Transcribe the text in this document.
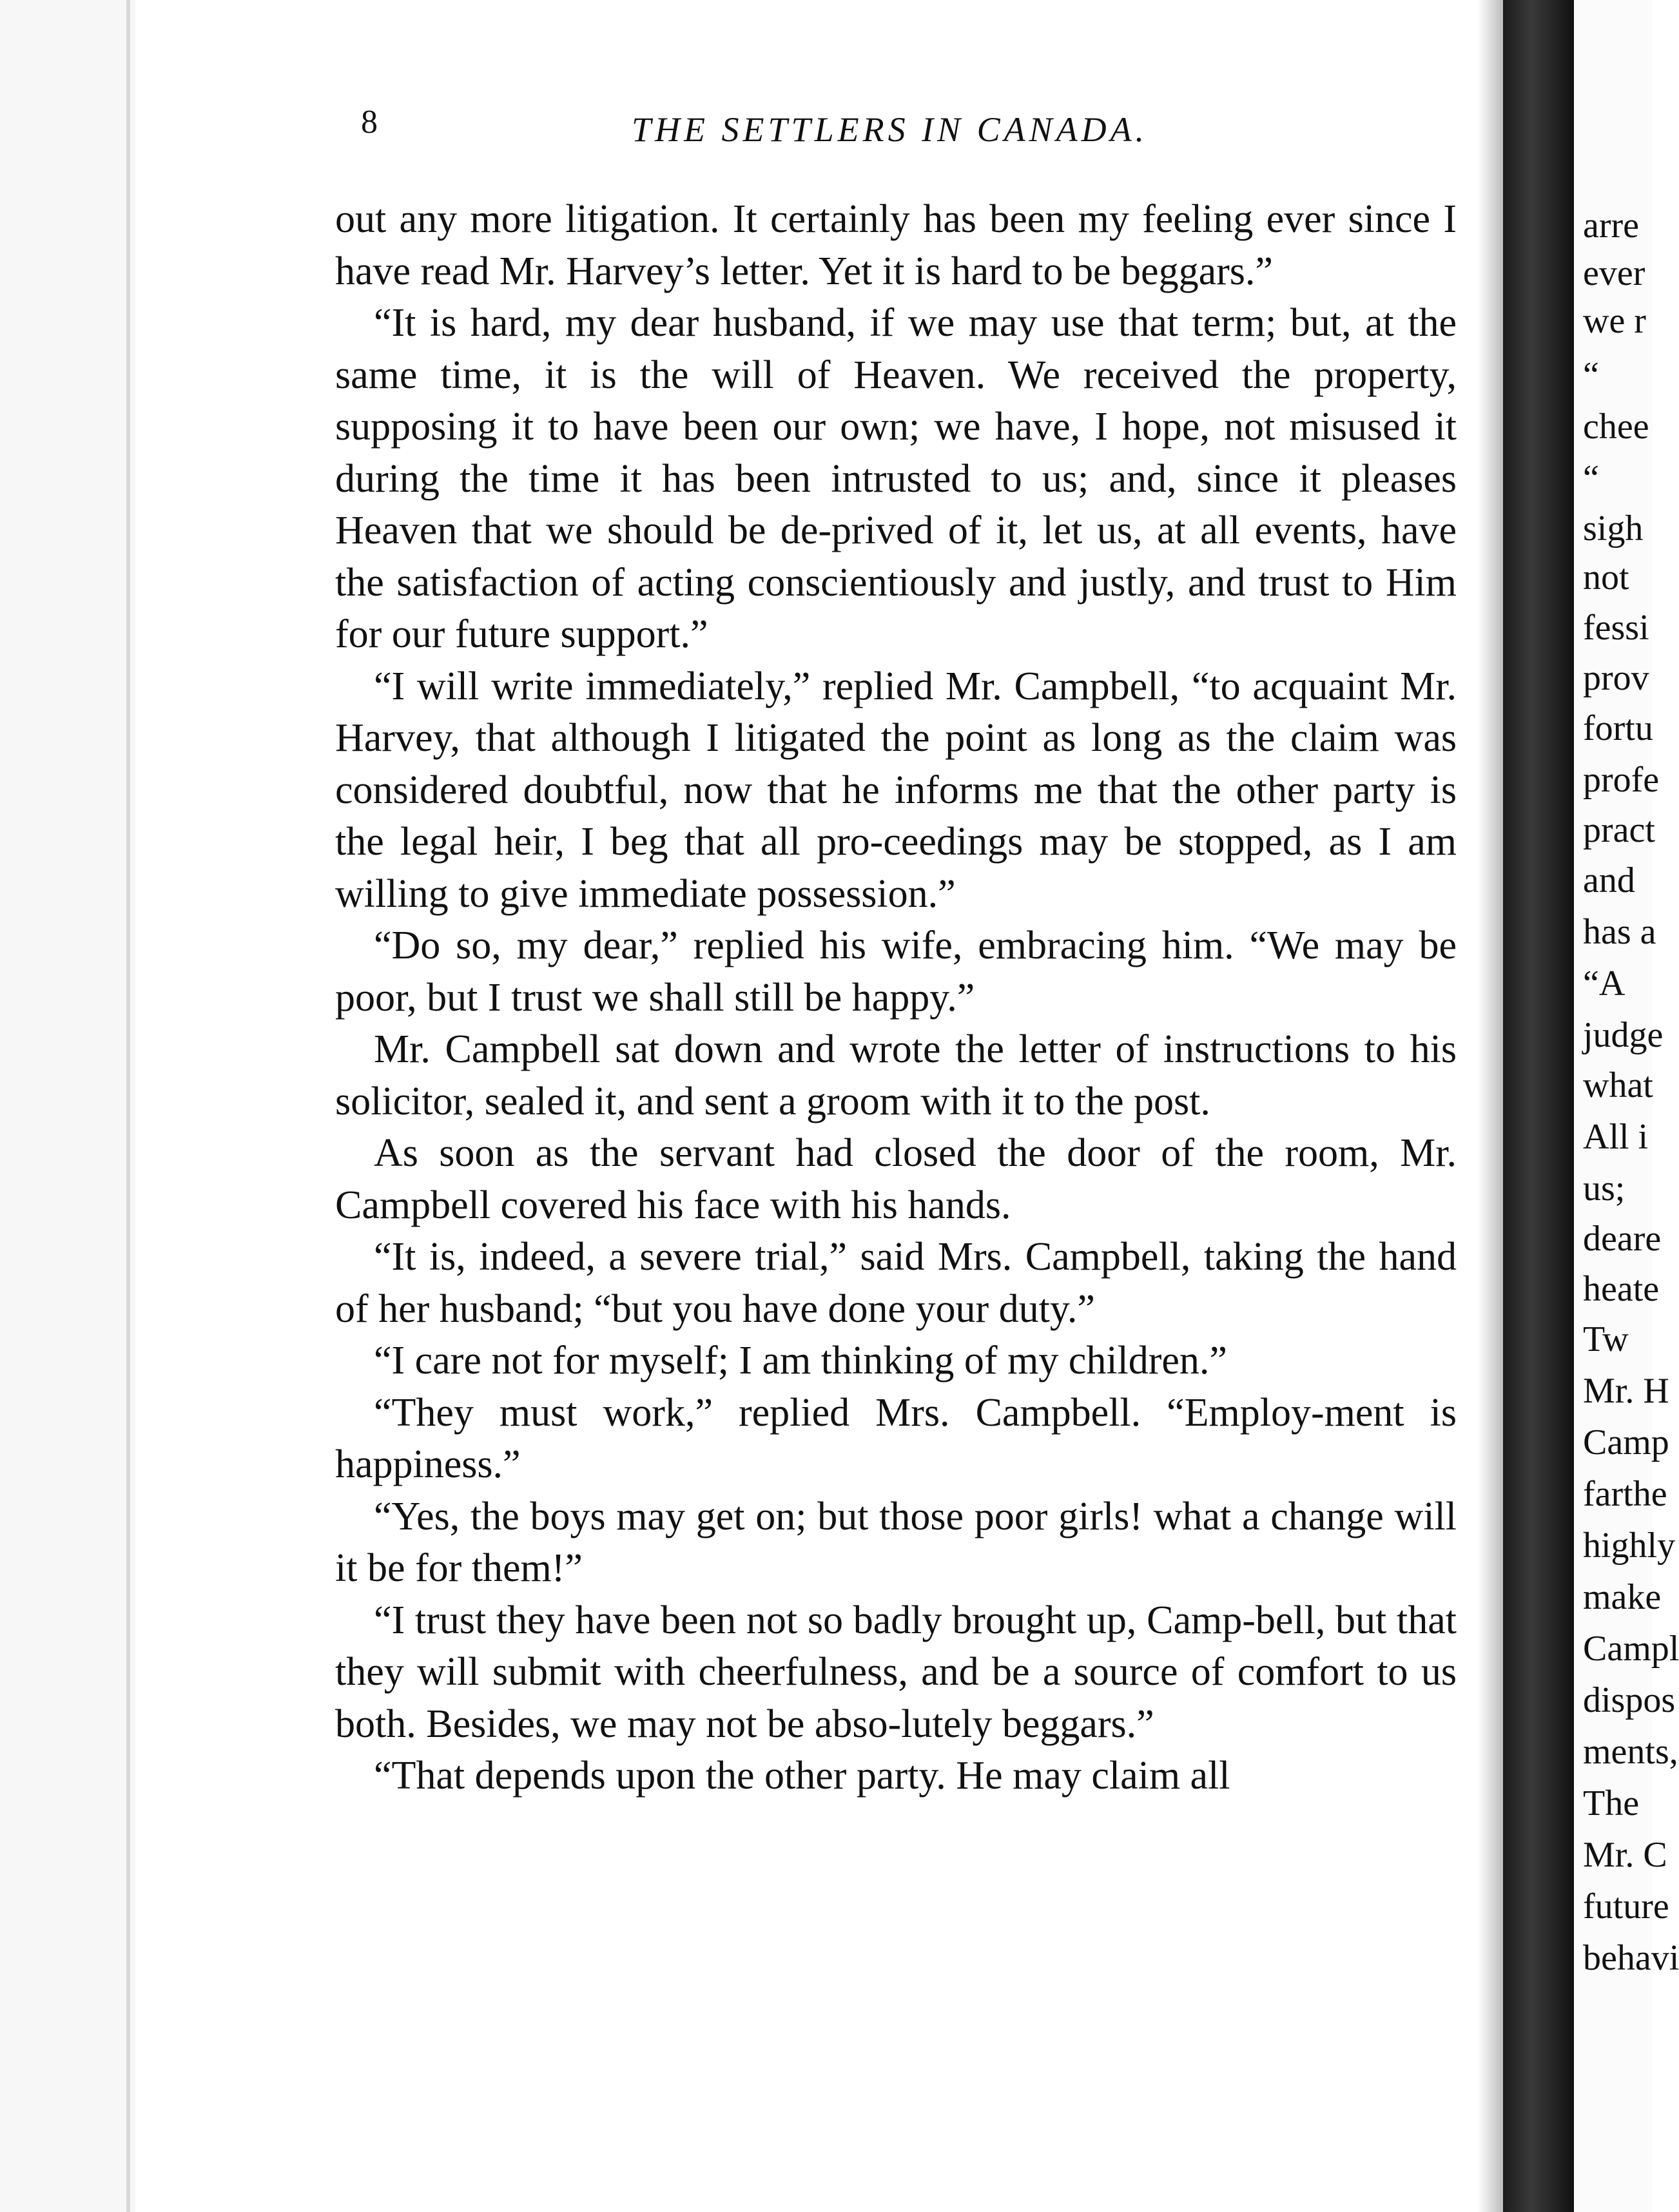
arre
ever
we r
“
chee
“
sigh
not
fessi
prov
fortu
profe
pract
and
has a
“A
judge
what
All i
us;
deare
heate
Tw
Mr. H
Camp
farthe
highly
make
Campl
dispos
ments,
The
Mr. C
future
behavi
8	THE SETTLERS IN CANADA.

out any more litigation. It certainly has been my feeling ever since I have read Mr. Harvey’s letter. Yet it is hard to be beggars.”

“It is hard, my dear husband, if we may use that term; but, at the same time, it is the will of Heaven. We received the property, supposing it to have been our own; we have, I hope, not misused it during the time it has been intrusted to us; and, since it pleases Heaven that we should be de-prived of it, let us, at all events, have the satisfaction of acting conscientiously and justly, and trust to Him for our future support.”

“I will write immediately,” replied Mr. Campbell, “to acquaint Mr. Harvey, that although I litigated the point as long as the claim was considered doubtful, now that he informs me that the other party is the legal heir, I beg that all pro-ceedings may be stopped, as I am willing to give immediate possession.”

“Do so, my dear,” replied his wife, embracing him. “We may be poor, but I trust we shall still be happy.”

Mr. Campbell sat down and wrote the letter of instructions to his solicitor, sealed it, and sent a groom with it to the post.

As soon as the servant had closed the door of the room, Mr. Campbell covered his face with his hands.

“It is, indeed, a severe trial,” said Mrs. Campbell, taking the hand of her husband; “but you have done your duty.”

“I care not for myself; I am thinking of my children.”

“They must work,” replied Mrs. Campbell. “Employ-ment is happiness.”

“Yes, the boys may get on; but those poor girls! what a change will it be for them!”

“I trust they have been not so badly brought up, Camp-bell, but that they will submit with cheerfulness, and be a source of comfort to us both. Besides, we may not be abso-lutely beggars.”

“That depends upon the other party. He may claim all
